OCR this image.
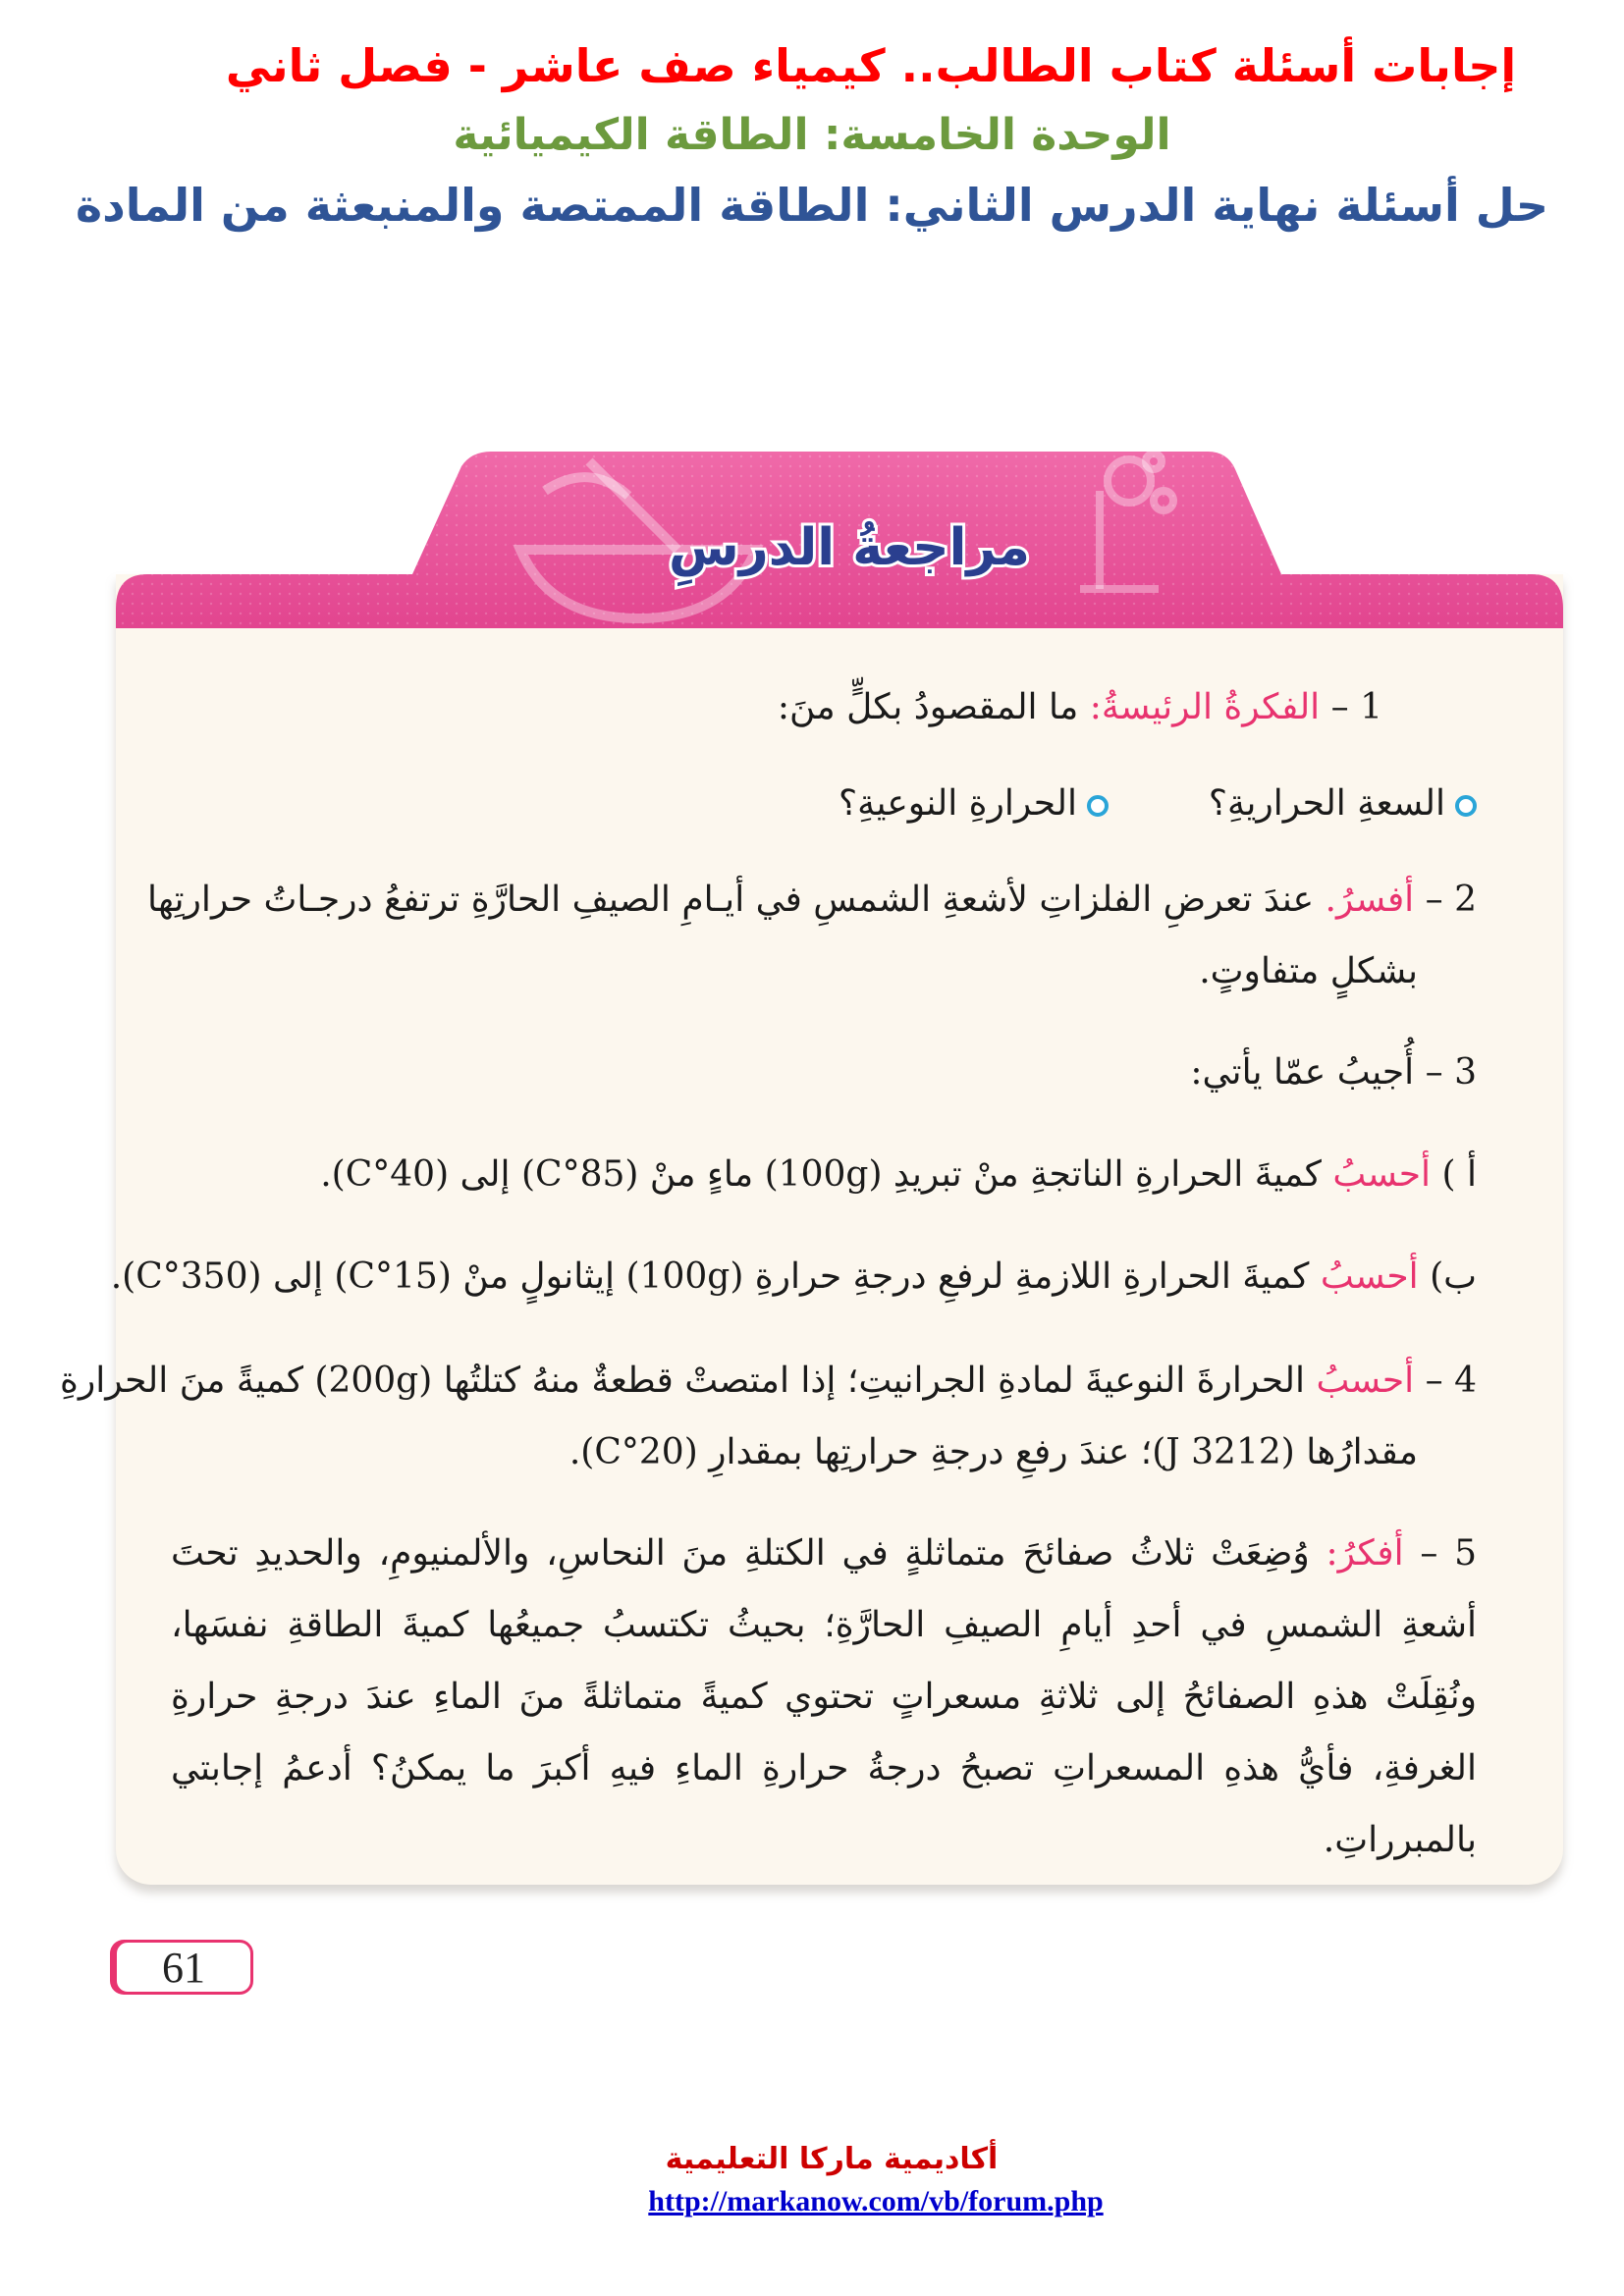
إجابات أسئلة كتاب الطالب.. كيمياء صف عاشر - فصل ثاني
الوحدة الخامسة: الطاقة الكيميائية
حل أسئلة نهاية الدرس الثاني: الطاقة الممتصة والمنبعثة من المادة
مراجعةُ الدرسِ
1 – الفكرةُ الرئيسةُ: ما المقصودُ بكلٍّ منَ:
السعةِ الحراريةِ؟
الحرارةِ النوعيةِ؟
2 – أفسرُ. عندَ تعرضِ الفلزاتِ لأشعةِ الشمسِ في أيـامِ الصيفِ الحارَّةِ ترتفعُ درجـاتُ حرارتِها
بشكلٍ متفاوتٍ.
3 – أُجيبُ عمّا يأتي:
أ ) أحسبُ كميةَ الحرارةِ الناتجةِ منْ تبريدِ (100g) ماءٍ منْ (85°C) إلى (40°C).
ب) أحسبُ كميةَ الحرارةِ اللازمةِ لرفعِ درجةِ حرارةِ (100g) إيثانولٍ منْ (15°C) إلى (350°C).
4 – أحسبُ الحرارةَ النوعيةَ لمادةِ الجرانيتِ؛ إذا امتصتْ قطعةٌ منهُ كتلتُها (200g) كميةً منَ الحرارةِ
مقدارُها (3212 J)؛ عندَ رفعِ درجةِ حرارتِها بمقدارِ (20°C).
5 – أفكرُ: وُضِعَتْ ثلاثُ صفائحَ متماثلةٍ في الكتلةِ منَ النحاسِ، والألمنيومِ، والحديدِ تحتَ أشعةِ الشمسِ في أحدِ أيامِ الصيفِ الحارَّةِ؛ بحيثُ تكتسبُ جميعُها كميةَ الطاقةِ نفسَها، ونُقِلَتْ هذهِ الصفائحُ إلى ثلاثةِ مسعراتٍ تحتوي كميةً متماثلةً منَ الماءِ عندَ درجةِ حرارةِ الغرفةِ، فأيُّ هذهِ المسعراتِ تصبحُ درجةُ حرارةِ الماءِ فيهِ أكبرَ ما يمكنُ؟ أدعمُ إجابتي بالمبرراتِ.
61
أكاديمية ماركا التعليمية
http://markanow.com/vb/forum.php
